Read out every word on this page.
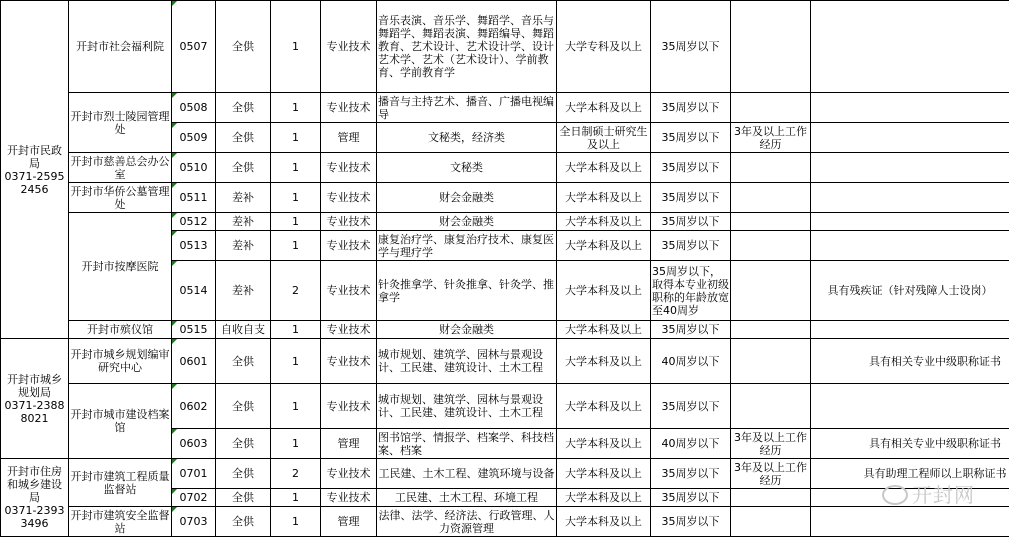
开封市民政局
0371-25952456	开封市社会福利院	0507	全供	1	专业技术	音乐表演、音乐学、舞蹈学、音乐与舞蹈学、舞蹈表演、舞蹈编导、舞蹈教育、艺术设计、艺术设计学、设计艺术学、艺术（艺术设计）、学前教育、学前教育学	大学专科及以上	35周岁以下			
	开封市烈士陵园管理处	0508	全供	1	专业技术	播音与主持艺术、播音、广播电视编导	大学本科及以上	35周岁以下			
		0509	全供	1	管理	文秘类，经济类	全日制硕士研究生及以上	35周岁以下	3年及以上工作经历		
	开封市慈善总会办公室	0510	全供	1	专业技术	文秘类	大学本科及以上	35周岁以下			
	开封市华侨公墓管理处	0511	差补	1	专业技术	财会金融类	大学本科及以上	35周岁以下			
	开封市按摩医院	0512	差补	1	专业技术	财会金融类	大学本科及以上	35周岁以下			
		0513	差补	1	专业技术	康复治疗学、康复治疗技术、康复医学与理疗学	大学本科及以上	35周岁以下			
		0514	差补	2	专业技术	针灸推拿学、针灸推拿、针灸学、推拿学	大学本科及以上	35周岁以下，取得本专业初级职称的年龄放宽至40周岁		具有残疾证（针对残障人士设岗）	
	开封市殡仪馆	0515	自收自支	1	专业技术	财会金融类	大学本科及以上	35周岁以下			
开封市城乡规划局
0371-23888021	开封市城乡规划编审研究中心	0601	全供	1	专业技术	城市规划、建筑学、园林与景观设计、工民建、建筑设计、土木工程	大学本科及以上	40周岁以下		具有相关专业中级职称证书	
	开封市城市建设档案馆	0602	全供	1	专业技术	城市规划、建筑学、园林与景观设计、工民建、建筑设计、土木工程	大学本科及以上	35周岁以下			
		0603	全供	1	管理	图书馆学、情报学、档案学、科技档案、档案	大学本科及以上	40周岁以下	3年及以上工作经历	具有相关专业中级职称证书	
开封市住房和城乡建设局
0371-23933496	开封市建筑工程质量监督站	0701	全供	2	专业技术	工民建、土木工程、建筑环境与设备	大学本科及以上	35周岁以下	3年及以上工作经历	具有助理工程师以上职称证书	
		0702	全供	1	专业技术	工民建、土木工程、环境工程	大学本科及以上	35周岁以下			
	开封市建筑安全监督站	0703	全供	1	管理	法律、法学、经济法、行政管理、人力资源管理	大学本科及以上	35周岁以下			
开封网
